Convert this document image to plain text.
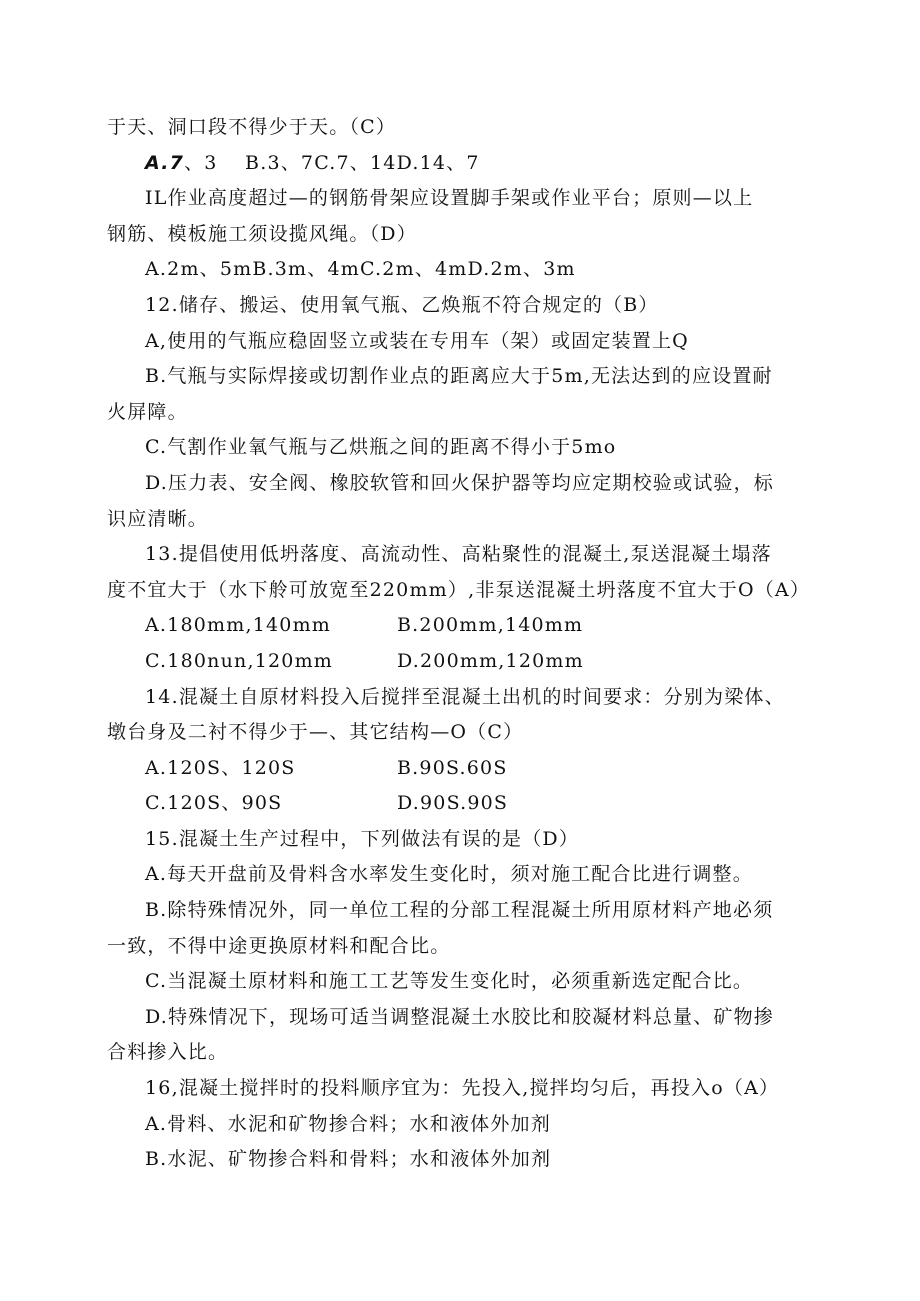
于天、洞口段不得少于天。（C）
A.7、3　 B.3、7C.7、14D.14、7
IL作业高度超过—的钢筋骨架应设置脚手架或作业平台；原则—以上
钢筋、模板施工须设揽风绳。（D）
A.2m、5mB.3m、4mC.2m、4mD.2m、3m
12.储存、搬运、使用氧气瓶、乙焕瓶不符合规定的（B）
A,使用的气瓶应稳固竖立或装在专用车（架）或固定装置上Q
B.气瓶与实际焊接或切割作业点的距离应大于5m,无法达到的应设置耐
火屏障。
C.气割作业氧气瓶与乙烘瓶之间的距离不得小于5mo
D.压力表、安全阀、橡胶软管和回火保护器等均应定期校验或试验，标
识应清晰。
13.提倡使用低坍落度、高流动性、高粘聚性的混凝土,泵送混凝土塌落
度不宜大于（水下舲可放宽至220mm）,非泵送混凝土坍落度不宜大于O（A）
A.180mm,140mm	B.200mm,140mm
C.180nun,120mm	D.200mm,120mm
14.混凝土自原材料投入后搅拌至混凝土出机的时间要求：分别为梁体、
墩台身及二衬不得少于—、其它结构—O（C）
A.120S、120S	B.90S.60S
C.120S、90S	D.90S.90S
15.混凝土生产过程中，下列做法有误的是（D）
A.每天开盘前及骨料含水率发生变化时，须对施工配合比进行调整。
B.除特殊情况外，同一单位工程的分部工程混凝土所用原材料产地必须
一致，不得中途更换原材料和配合比。
C.当混凝土原材料和施工工艺等发生变化时，必须重新选定配合比。
D.特殊情况下，现场可适当调整混凝土水胶比和胶凝材料总量、矿物掺
合料掺入比。
16,混凝土搅拌时的投料顺序宜为：先投入,搅拌均匀后，再投入o（A）
A.骨料、水泥和矿物掺合料；水和液体外加剂
B.水泥、矿物掺合料和骨料；水和液体外加剂
